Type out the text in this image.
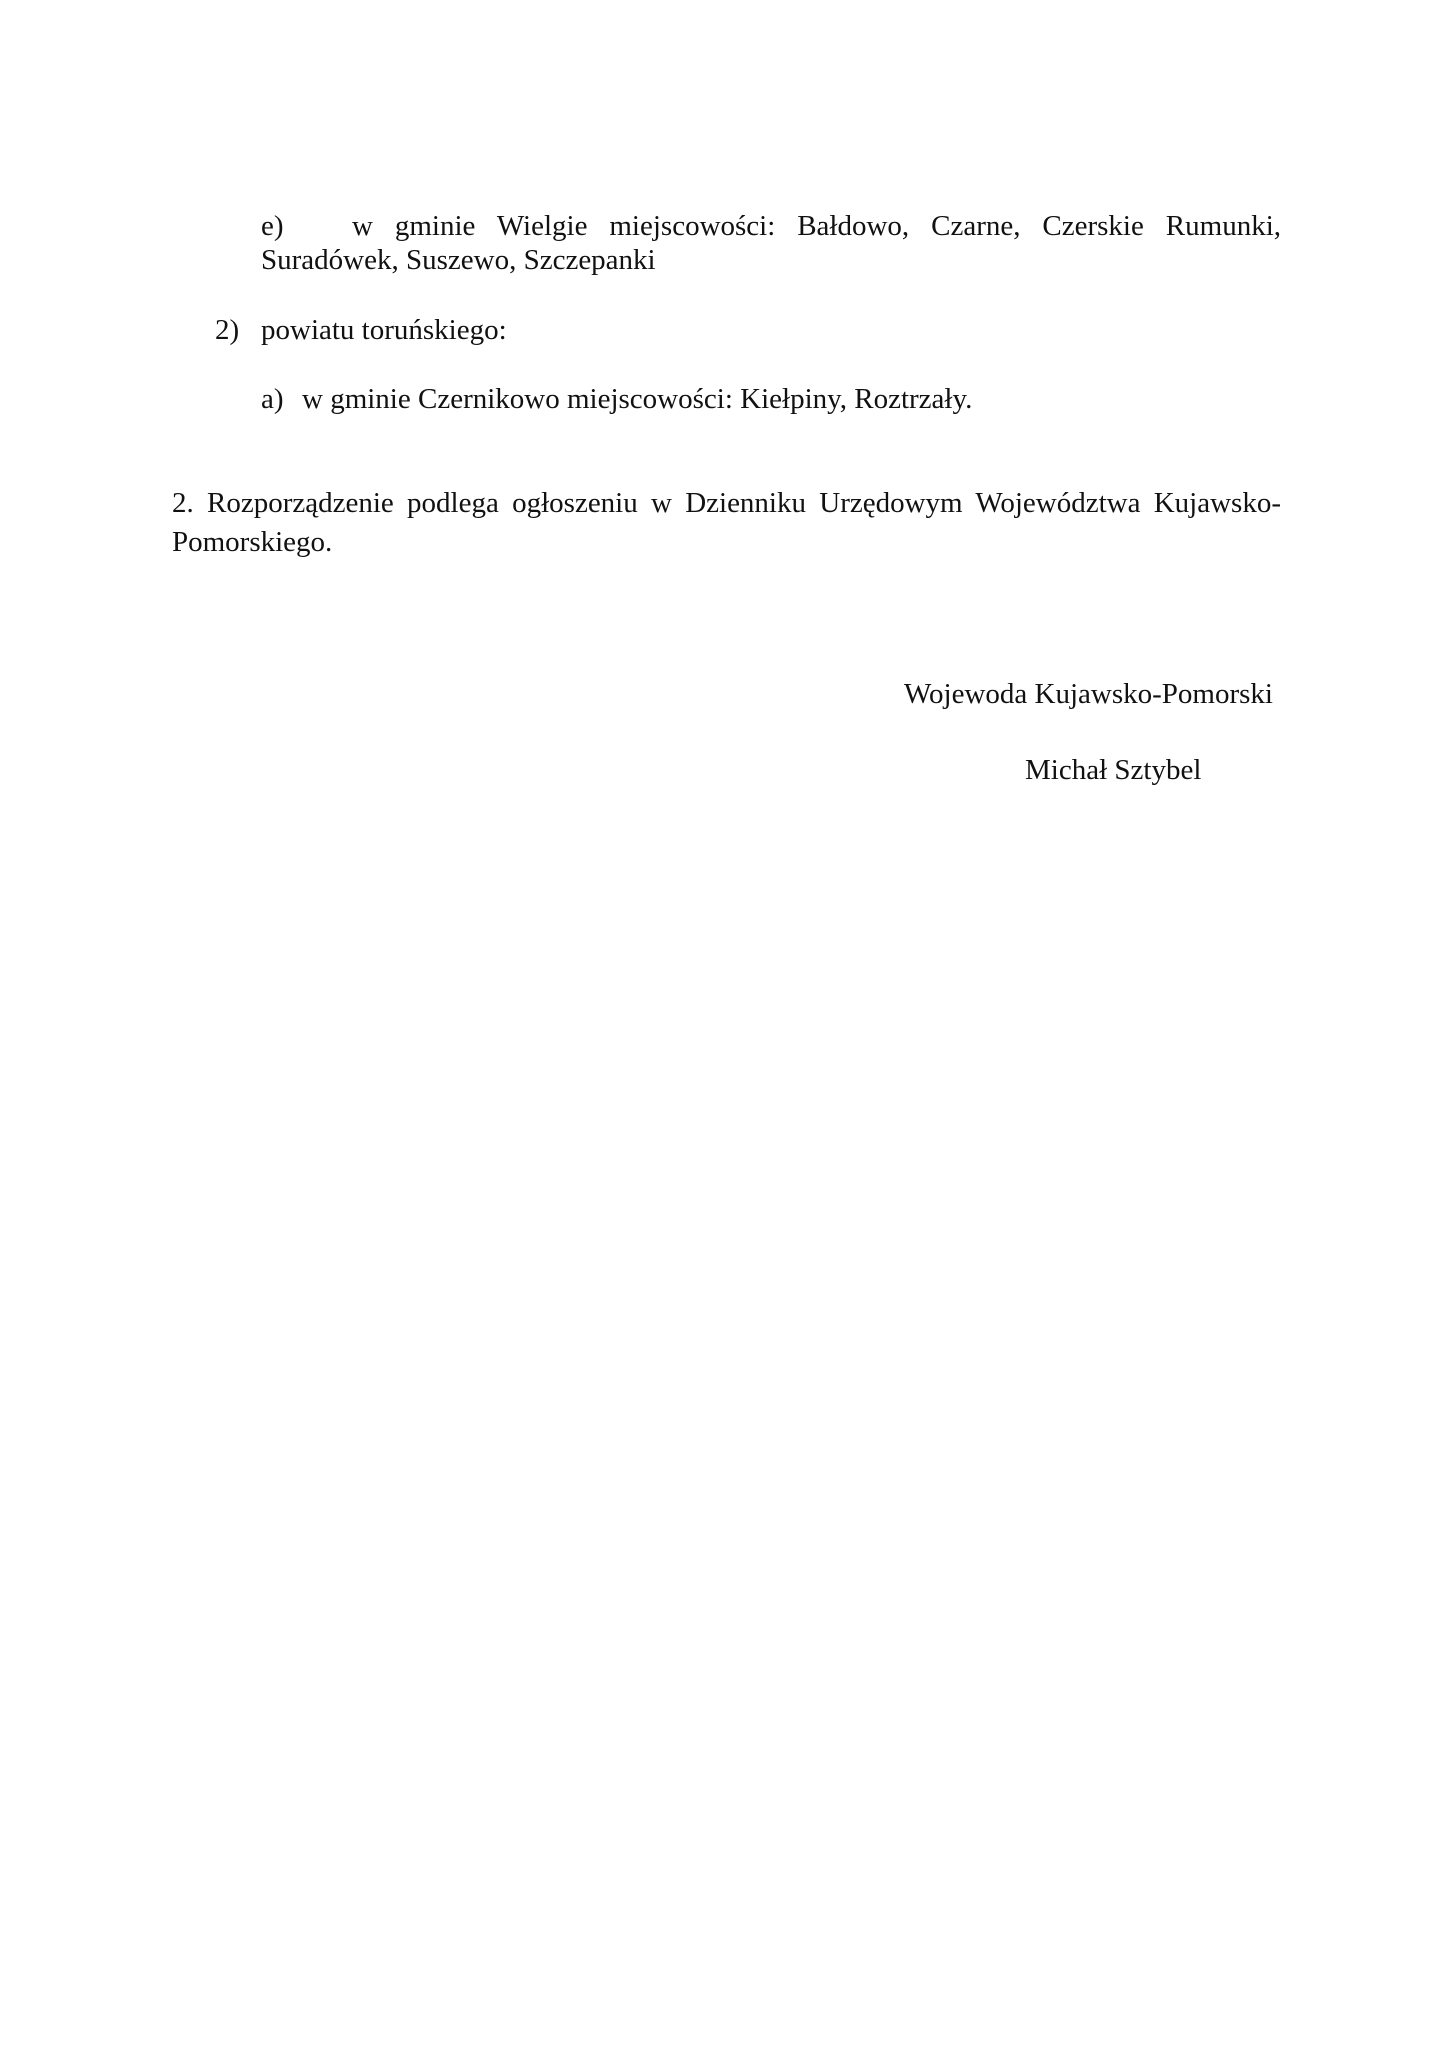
e) w gminie Wielgie miejscowości: Bałdowo, Czarne, Czerskie Rumunki,
Suradówek, Suszewo, Szczepanki
2) powiatu toruńskiego:
a) w gminie Czernikowo miejscowości: Kiełpiny, Roztrzały.
2. Rozporządzenie podlega ogłoszeniu w Dzienniku Urzędowym Województwa Kujawsko-
Pomorskiego.
Wojewoda Kujawsko-Pomorski
Michał Sztybel
